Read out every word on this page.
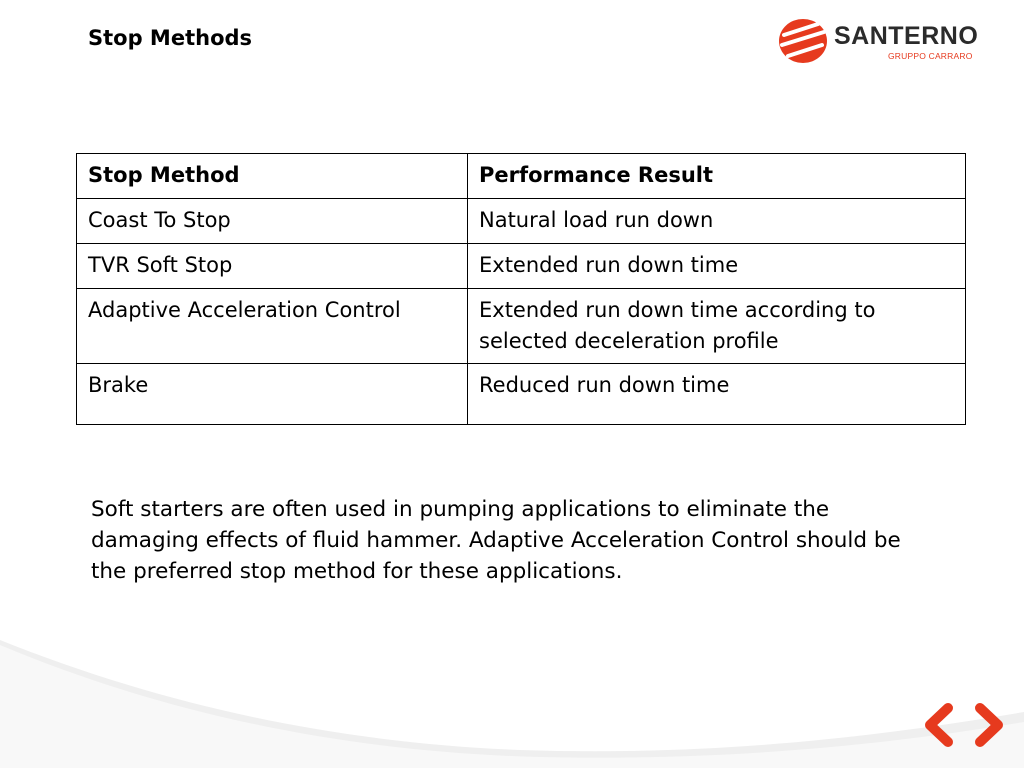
Stop Methods	SANTERNO
GRUPPO CARRARO
Stop Method	Performance Result
Coast To Stop	Natural load run down
TVR Soft Stop	Extended run down time
Adaptive Acceleration Control	Extended run down time according to selected deceleration profile
Brake	Reduced run down time
Soft starters are often used in pumping applications to eliminate the damaging effects of fluid hammer. Adaptive Acceleration Control should be the preferred stop method for these applications.
